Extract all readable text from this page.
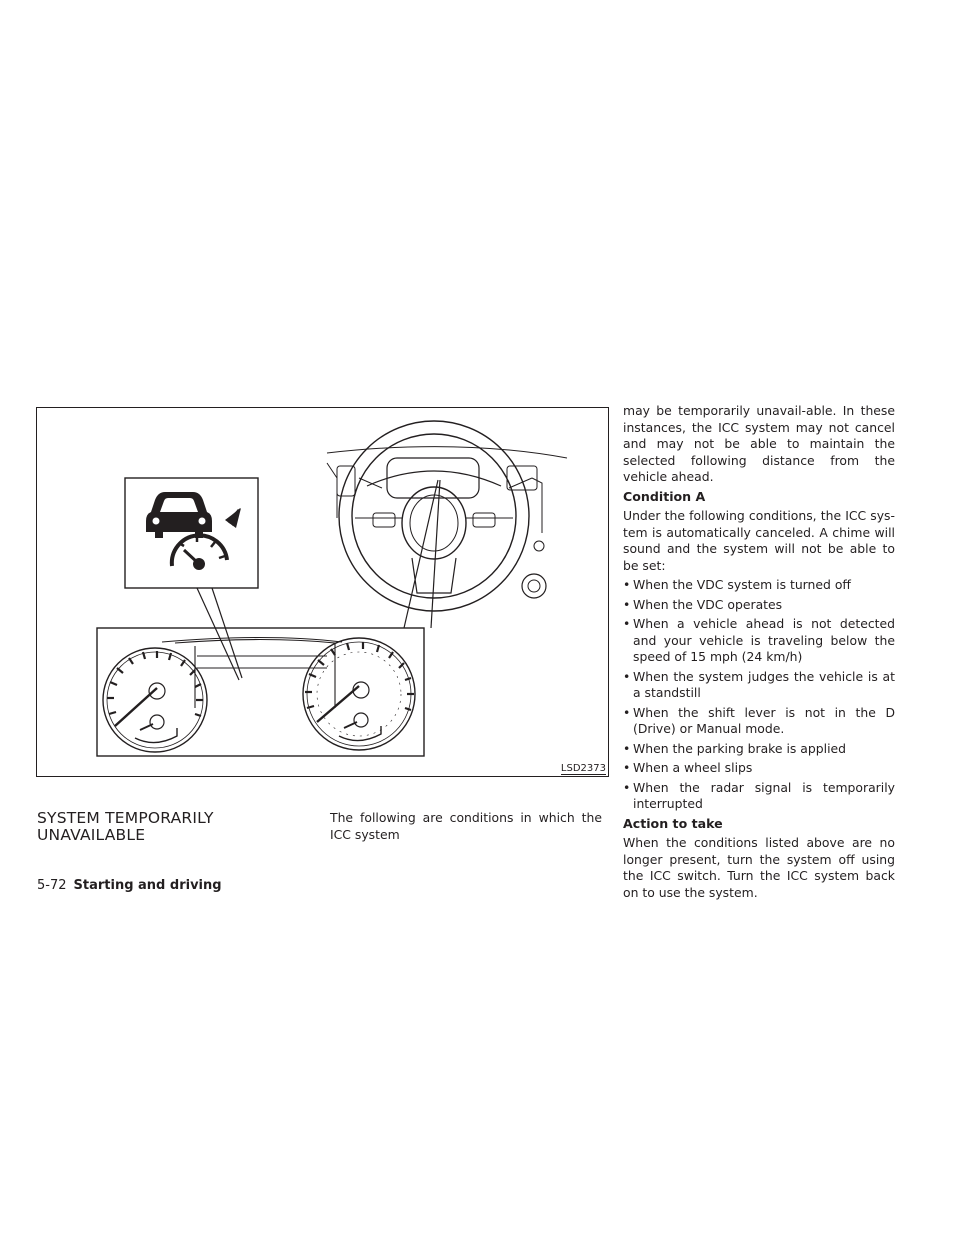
LSD2373
SYSTEM TEMPORARILY UNAVAILABLE

The following are conditions in which the ICC system

may be temporarily unavail-able. In these instances, the ICC system may not cancel and may not be able to maintain the selected following distance from the vehicle ahead.

Condition A

Under the following conditions, the ICC sys-tem is automatically canceled. A chime will sound and the system will not be able to be set:

• When the VDC system is turned off
• When the VDC operates
• When a vehicle ahead is not detected and your vehicle is traveling below the speed of 15 mph (24 km/h)
• When the system judges the vehicle is at a standstill
• When the shift lever is not in the D (Drive) or Manual mode.
• When the parking brake is applied
• When a wheel slips
• When the radar signal is temporarily interrupted
Action to take

When the conditions listed above are no longer present, turn the system off using the ICC switch. Turn the ICC system back on to use the system.

5-72 Starting and driving
